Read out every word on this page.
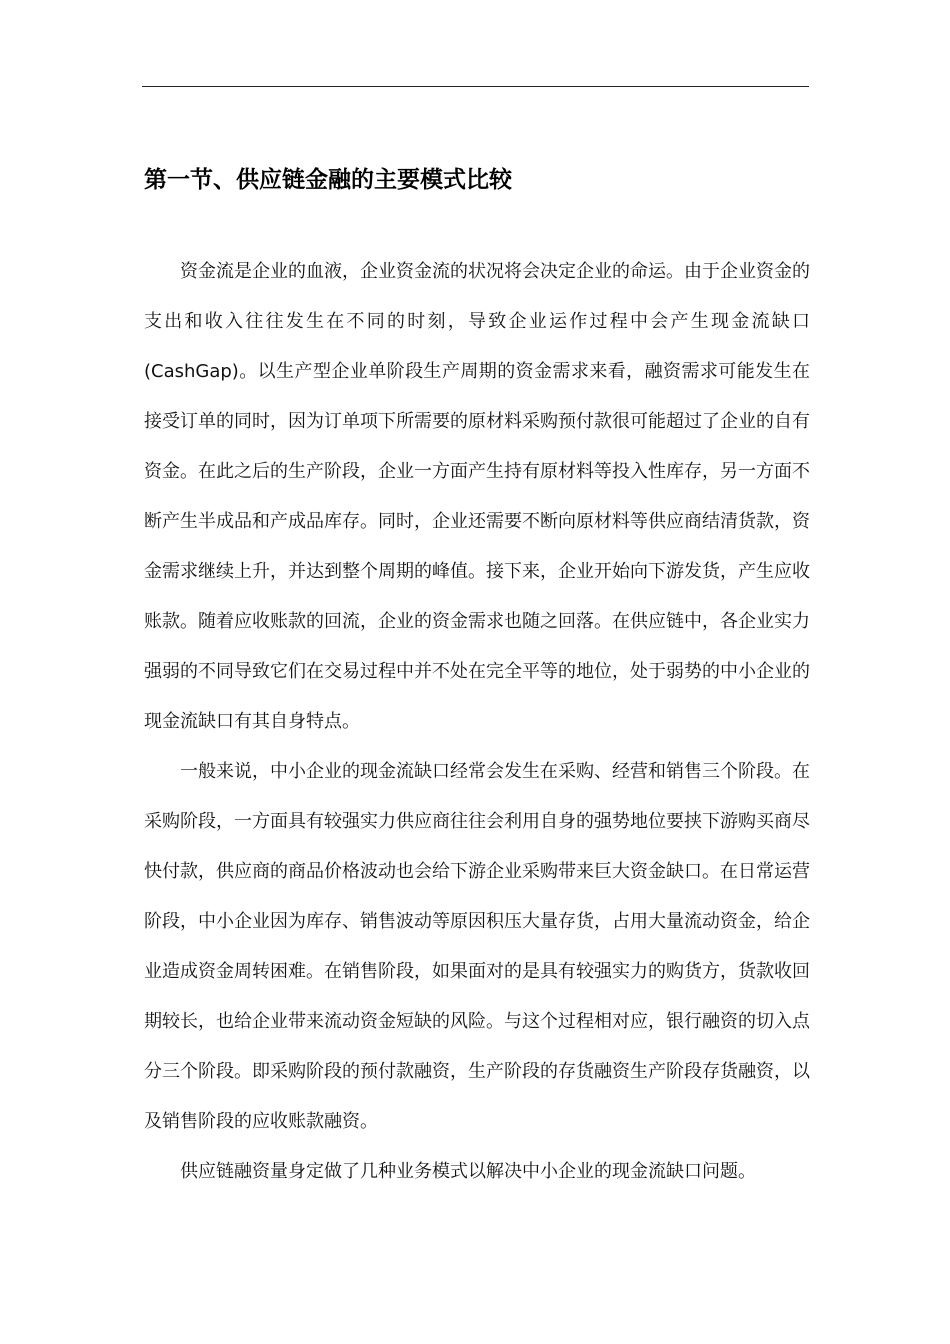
第一节、供应链金融的主要模式比较

资金流是企业的血液，企业资金流的状况将会决定企业的命运。由于企业资金的支出和收入往往发生在不同的时刻，导致企业运作过程中会产生现金流缺口(CashGap)。以生产型企业单阶段生产周期的资金需求来看，融资需求可能发生在接受订单的同时，因为订单项下所需要的原材料采购预付款很可能超过了企业的自有资金。在此之后的生产阶段，企业一方面产生持有原材料等投入性库存，另一方面不断产生半成品和产成品库存。同时，企业还需要不断向原材料等供应商结清货款，资金需求继续上升，并达到整个周期的峰值。接下来，企业开始向下游发货，产生应收账款。随着应收账款的回流，企业的资金需求也随之回落。在供应链中，各企业实力强弱的不同导致它们在交易过程中并不处在完全平等的地位，处于弱势的中小企业的现金流缺口有其自身特点。

一般来说，中小企业的现金流缺口经常会发生在采购、经营和销售三个阶段。在采购阶段，一方面具有较强实力供应商往往会利用自身的强势地位要挟下游购买商尽快付款，供应商的商品价格波动也会给下游企业采购带来巨大资金缺口。在日常运营阶段，中小企业因为库存、销售波动等原因积压大量存货，占用大量流动资金，给企业造成资金周转困难。在销售阶段，如果面对的是具有较强实力的购货方，货款收回期较长，也给企业带来流动资金短缺的风险。与这个过程相对应，银行融资的切入点分三个阶段。即采购阶段的预付款融资，生产阶段的存货融资生产阶段存货融资，以及销售阶段的应收账款融资。

供应链融资量身定做了几种业务模式以解决中小企业的现金流缺口问题。
